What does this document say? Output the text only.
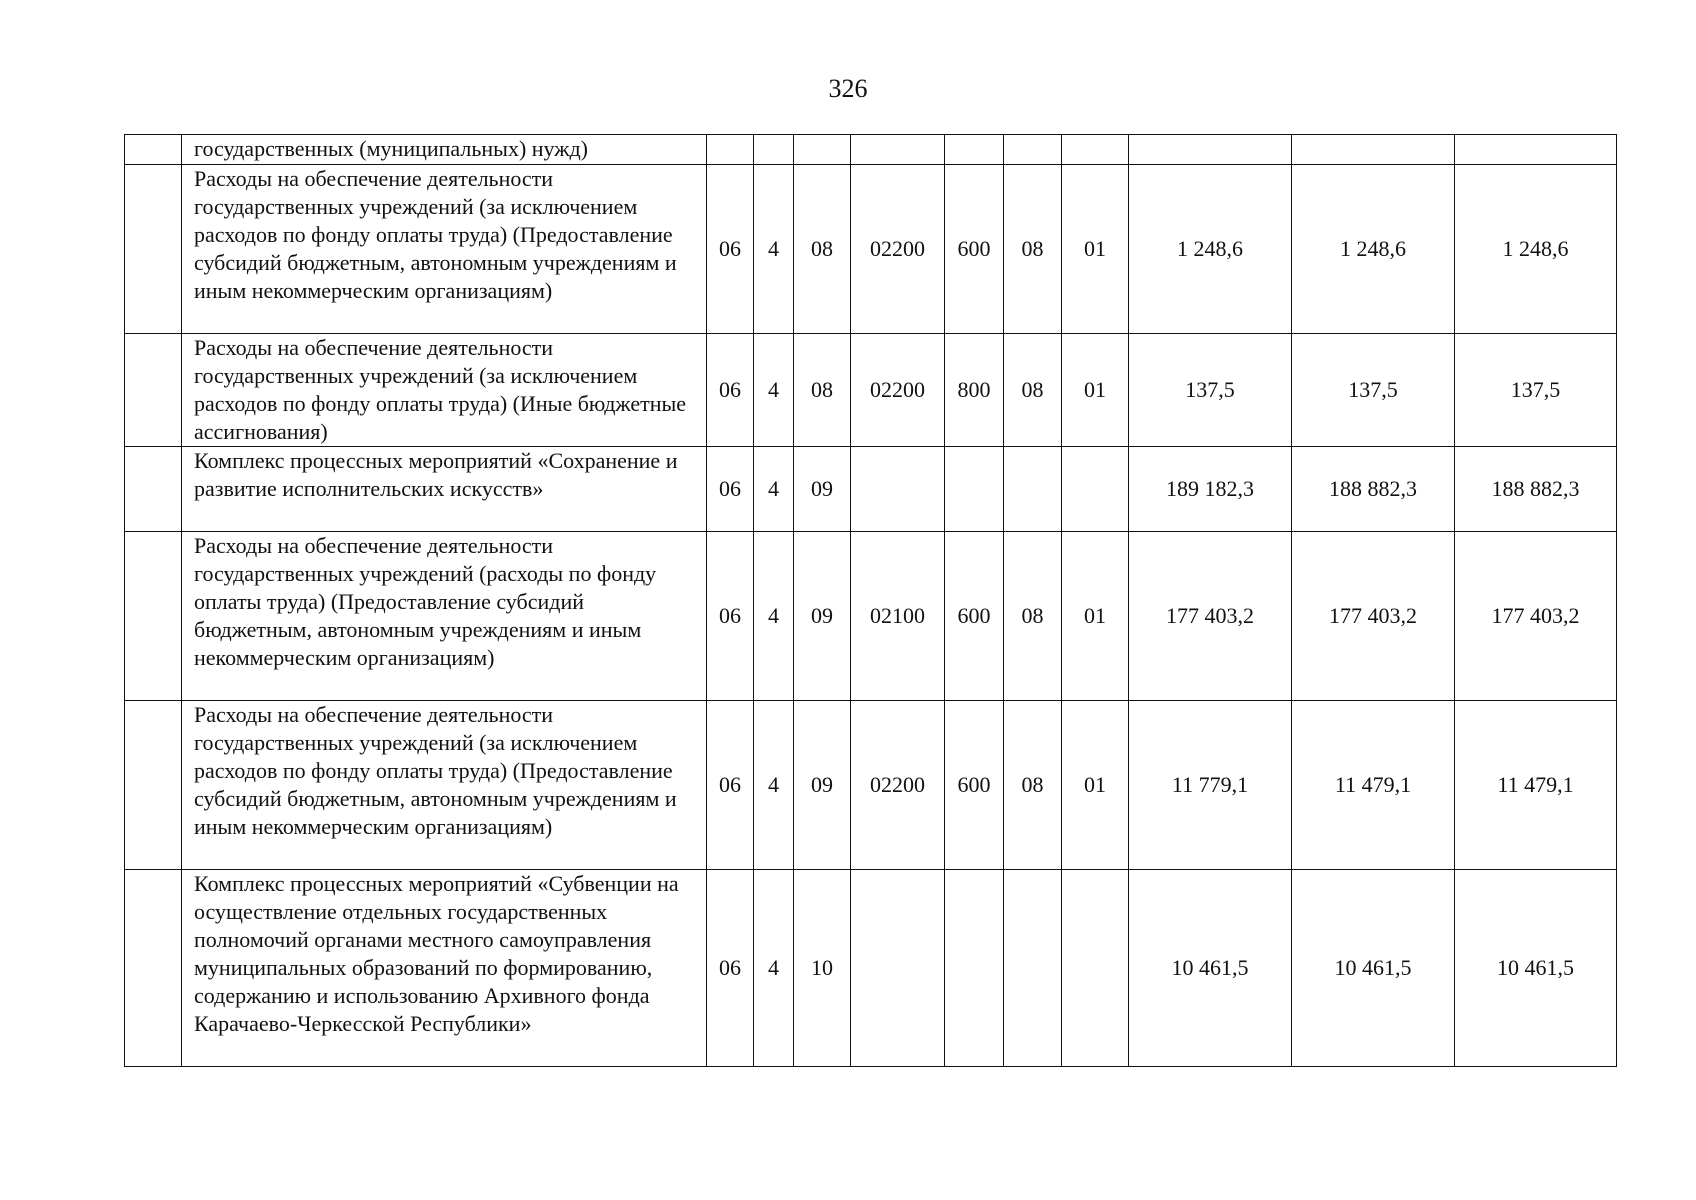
326
	государственных (муниципальных) нужд)										
	Расходы на обеспечение деятельности государственных учреждений (за исключением расходов по фонду оплаты труда) (Предоставление субсидий бюджетным, автономным учреждениям и иным некоммерческим организациям)	06	4	08	02200	600	08	01	1 248,6	1 248,6	1 248,6
	Расходы на обеспечение деятельности государственных учреждений (за исключением расходов по фонду оплаты труда) (Иные бюджетные ассигнования)	06	4	08	02200	800	08	01	137,5	137,5	137,5
	Комплекс процессных мероприятий «Сохранение и развитие исполнительских искусств»	06	4	09					189 182,3	188 882,3	188 882,3
	Расходы на обеспечение деятельности государственных учреждений (расходы по фонду оплаты труда) (Предоставление субсидий бюджетным, автономным учреждениям и иным некоммерческим организациям)	06	4	09	02100	600	08	01	177 403,2	177 403,2	177 403,2
	Расходы на обеспечение деятельности государственных учреждений (за исключением расходов по фонду оплаты труда) (Предоставление субсидий бюджетным, автономным учреждениям и иным некоммерческим организациям)	06	4	09	02200	600	08	01	11 779,1	11 479,1	11 479,1
	Комплекс процессных мероприятий «Субвенции на осуществление отдельных государственных полномочий органами местного самоуправления муниципальных образований по формированию, содержанию и использованию Архивного фонда Карачаево-Черкесской Республики»	06	4	10					10 461,5	10 461,5	10 461,5
